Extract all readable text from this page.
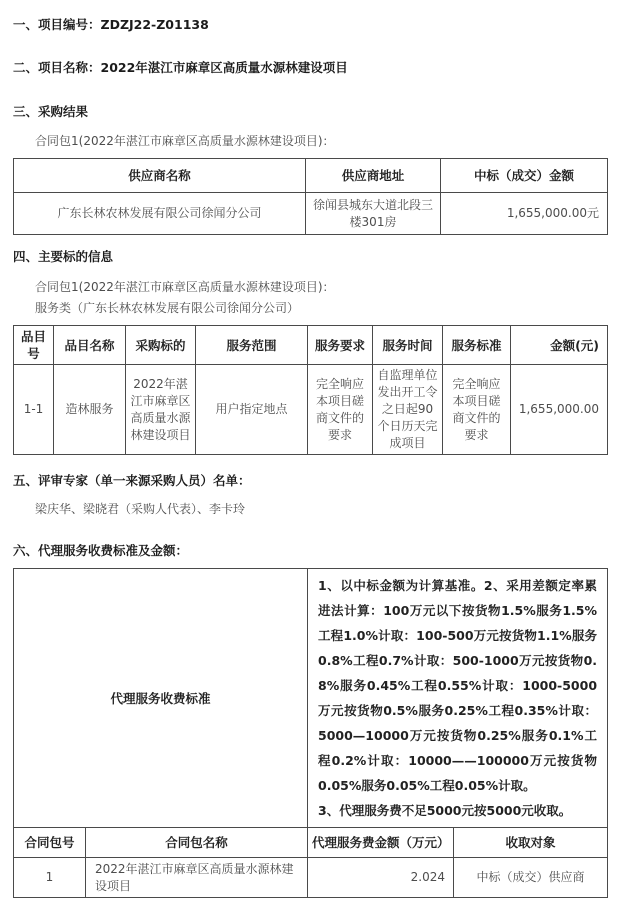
一、项目编号：ZDZJ22-Z01138
二、项目名称：2022年湛江市麻章区高质量水源林建设项目
三、采购结果
合同包1(2022年湛江市麻章区高质量水源林建设项目)：
供应商名称	供应商地址	中标（成交）金额
广东长林农林发展有限公司徐闻分公司	徐闻县城东大道北段三楼301房	1,655,000.00元
四、主要标的信息
合同包1(2022年湛江市麻章区高质量水源林建设项目)：
服务类（广东长林农林发展有限公司徐闻分公司）
品目号	品目名称	采购标的	服务范围	服务要求	服务时间	服务标准	金额(元)
1-1	造林服务	2022年湛江市麻章区高质量水源林建设项目	用户指定地点	完全响应本项目磋商文件的要求	自监理单位发出开工令之日起90个日历天完成项目	完全响应本项目磋商文件的要求	1,655,000.00
五、评审专家（单一来源采购人员）名单：
梁庆华、梁晓君（采购人代表）、李卡玲
六、代理服务收费标准及金额：
代理服务收费标准		1、以中标金额为计算基准。2、采用差额定率累进法计算：100万元以下按货物1.5%服务1.5%工程1.0%计取：100-500万元按货物1.1%服务0.8%工程0.7%计取：500-1000万元按货物0.8%服务0.45%工程0.55%计取：1000-5000万元按货物0.5%服务0.25%工程0.35%计取：5000—10000万元按货物0.25%服务0.1%工程0.2%计取：10000——100000万元按货物0.05%服务0.05%工程0.05%计取。
3、代理服务费不足5000元按5000元收取。	

合同包号	合同包名称	代理服务费金额（万元）	收取对象
1	2022年湛江市麻章区高质量水源林建设项目	2.024	中标（成交）供应商
